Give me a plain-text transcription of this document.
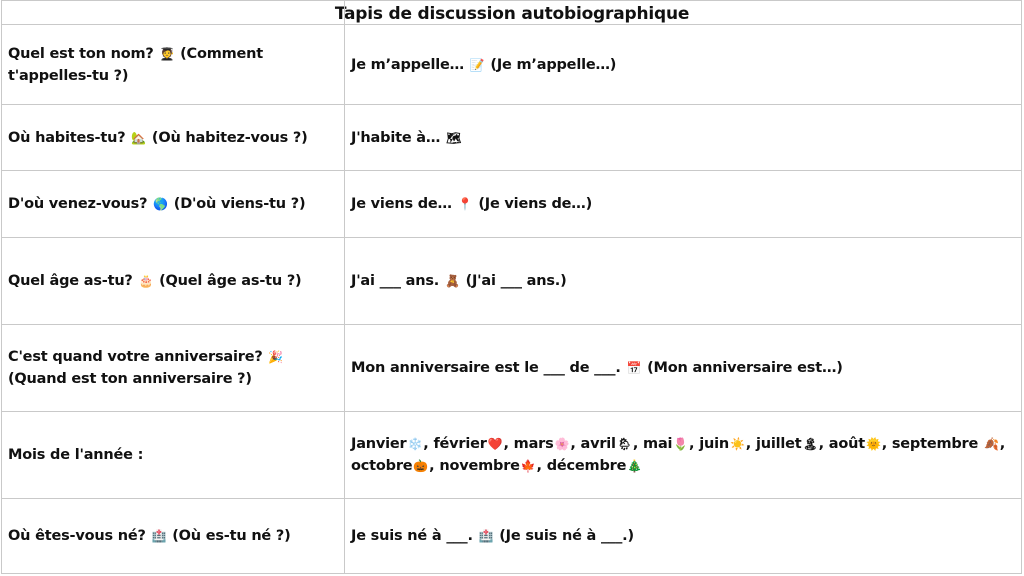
Tapis de discussion autobiographique

Quel est ton nom? 🧑‍🎓 (Comment t'appelles-tu ?)	Je m’appelle… 📝 (Je m’appelle…)
Où habites-tu? 🏡 (Où habitez-vous ?)	J'habite à… 🗺
D'où venez-vous? 🌎 (D'où viens-tu ?)	Je viens de… 📍 (Je viens de…)
Quel âge as-tu? 🎂 (Quel âge as-tu ?)	J'ai ___ ans. 🧸 (J'ai ___ ans.)
C'est quand votre anniversaire? 🎉 (Quand est ton anniversaire ?)	Mon anniversaire est le ___ de ___. 📅 (Mon anniversaire est…)
Mois de l'année :	Janvier❄️, février❤️, mars🌸, avril🌦, mai🌷, juin☀️, juillet🏝, août🌞, septembre 🍂, octobre🎃, novembre🍁, décembre🎄
Où êtes-vous né? 🏥 (Où es-tu né ?)	Je suis né à ___. 🏥 (Je suis né à ___.)
